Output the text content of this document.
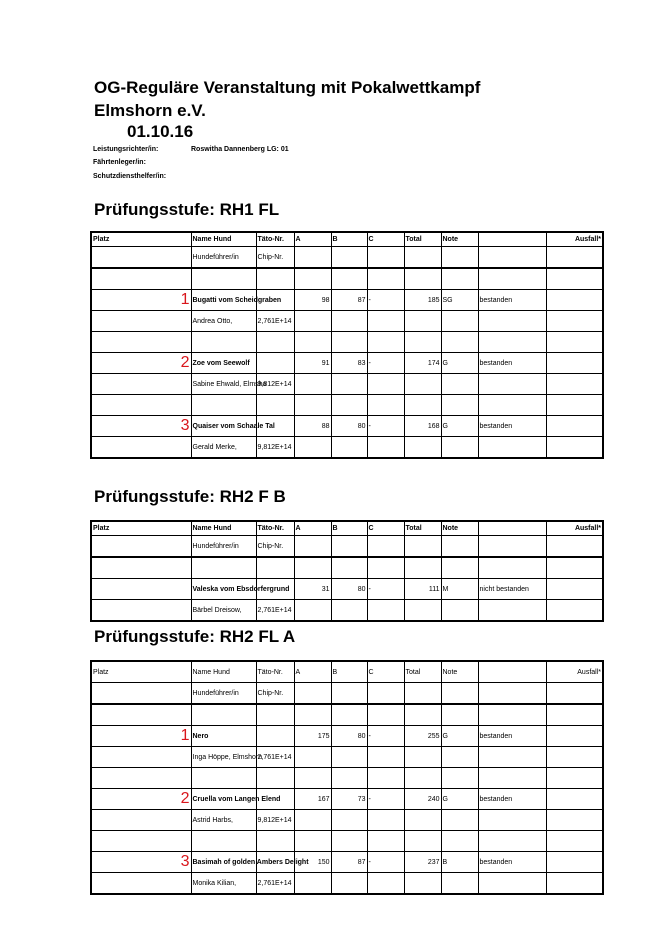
OG-Reguläre Veranstaltung mit Pokalwettkampf
Elmshorn e.V.
01.10.16
Leistungsrichter/in:	Roswitha Dannenberg LG: 01
Fährtenleger/in:
Schutzdiensthelfer/in:
Prüfungsstufe: RH1 FL
Platz	Name Hund	Täto-Nr.	A	B	C	Total	Note		Ausfall*
	Hundeführer/in	Chip-Nr.							

1	Bugatti vom Scheidgraben		98	87	-	185	SG	bestanden	
	Andrea Otto,	2,761E+14							

2	Zoe vom Seewolf		91	83	-	174	G	bestanden	
	Sabine Ehwald, Elmsho	9,812E+14							

3	Quaiser vom Schaale Tal		88	80	-	168	G	bestanden	
	Gerald Merke,	9,812E+14							
Prüfungsstufe: RH2 F B
Platz	Name Hund	Täto-Nr.	A	B	C	Total	Note		Ausfall*
	Hundeführer/in	Chip-Nr.							

	Valeska vom Ebsdorfergrund		31	80	-	111	M	nicht bestanden	
	Bärbel Dreisow,	2,761E+14							
Prüfungsstufe: RH2 FL A
Platz	Name Hund	Täto-Nr.	A	B	C	Total	Note		Ausfall*
	Hundeführer/in	Chip-Nr.							

1	Nero		175	80	-	255	G	bestanden	
	Inga Höppe, Elmshorn	2,761E+14							

2	Cruella vom Langen Elend		167	73	-	240	G	bestanden	
	Astrid Harbs,	9,812E+14							

3	Basimah of golden Ambers Delight		150	87	-	237	B	bestanden	
	Monika Kilian,	2,761E+14							
